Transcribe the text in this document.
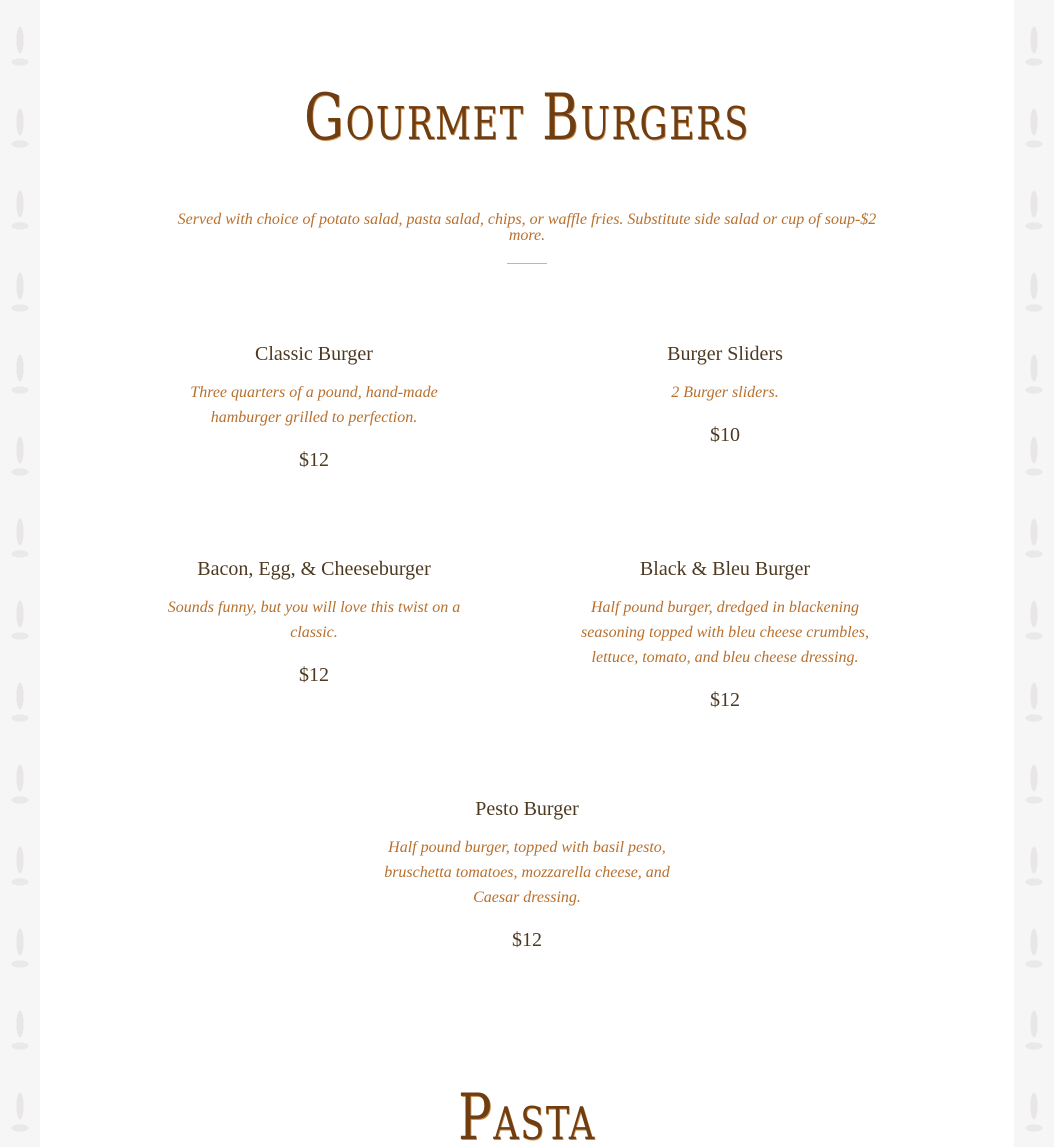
Gourmet Burgers

Served with choice of potato salad, pasta salad, chips, or waffle fries. Substitute side salad or cup of soup-$2 more.

Classic Burger

Three quarters of a pound, hand-made hamburger grilled to perfection.

$12

Burger Sliders

2 Burger sliders.

$10

Bacon, Egg, & Cheeseburger

Sounds funny, but you will love this twist on a classic.

$12

Black & Bleu Burger

Half pound burger, dredged in blackening seasoning topped with bleu cheese crumbles, lettuce, tomato, and bleu cheese dressing.

$12

Pesto Burger

Half pound burger, topped with basil pesto, bruschetta tomatoes, mozzarella cheese, and Caesar dressing.

$12

Pasta
